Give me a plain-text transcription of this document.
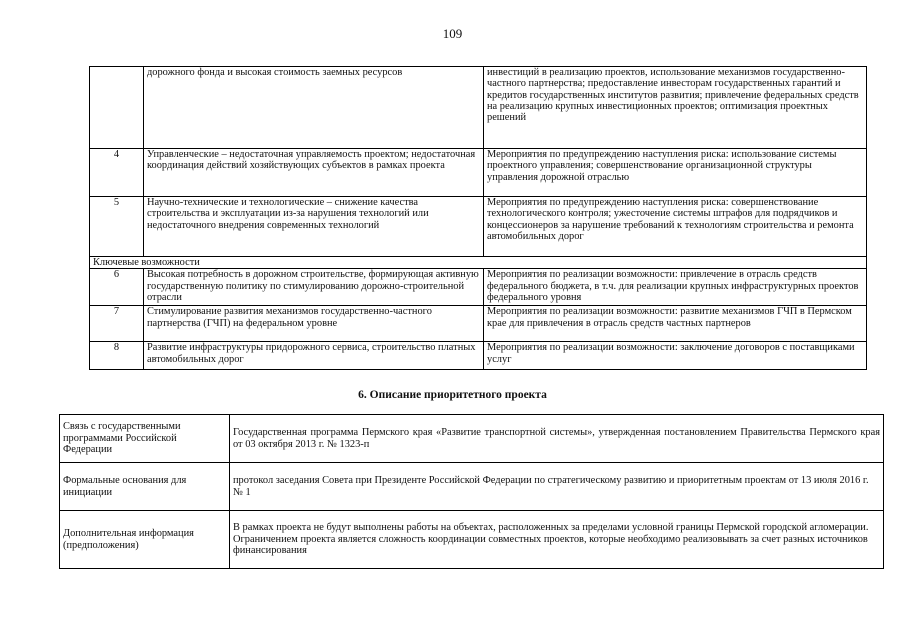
109
	дорожного фонда и высокая стоимость заемных ресурсов	инвестиций в реализацию проектов, использование механизмов государственно-частного партнерства; предоставление инвесторам государственных гарантий и кредитов государственных институтов развития; привлечение федеральных средств на реализацию крупных инвестиционных проектов; оптимизация проектных решений
4	Управленческие – недостаточная управляемость проектом; недостаточная координация действий хозяйствующих субъектов в рамках проекта	Мероприятия по предупреждению наступления риска: использование системы проектного управления; совершенствование организационной структуры управления дорожной отраслью
5	Научно-технические и технологические – снижение качества строительства и эксплуатации из-за нарушения технологий или недостаточного внедрения современных технологий	Мероприятия по предупреждению наступления риска: совершенствование технологического контроля; ужесточение системы штрафов для подрядчиков и концессионеров за нарушение требований к технологиям строительства и ремонта автомобильных дорог
Ключевые возможности		
6	Высокая потребность в дорожном строительстве, формирующая активную государственную политику по стимулированию дорожно-строительной отрасли	Мероприятия по реализации возможности: привлечение в отрасль средств федерального бюджета, в т.ч. для реализации крупных инфраструктурных проектов федерального уровня
7	Стимулирование развития механизмов государственно-частного партнерства (ГЧП) на федеральном уровне	Мероприятия по реализации возможности: развитие механизмов ГЧП в Пермском крае для привлечения в отрасль средств частных партнеров
8	Развитие инфраструктуры придорожного сервиса, строительство платных автомобильных дорог	Мероприятия по реализации возможности: заключение договоров с поставщиками услуг
6. Описание приоритетного проекта
Связь с государственными программами Российской Федерации	Государственная программа Пермского края «Развитие транспортной системы», утвержденная постановлением Правительства Пермского края от 03 октября 2013 г. № 1323-п
Формальные основания для инициации	протокол заседания Совета при Президенте Российской Федерации по стратегическому развитию и приоритетным проектам от 13 июля 2016 г. № 1
Дополнительная информация (предположения)	В рамках проекта не будут выполнены работы на объектах, расположенных за пределами условной границы Пермской городской агломерации.
Ограничением проекта является сложность координации совместных проектов, которые необходимо реализовывать за счет разных источников финансирования
